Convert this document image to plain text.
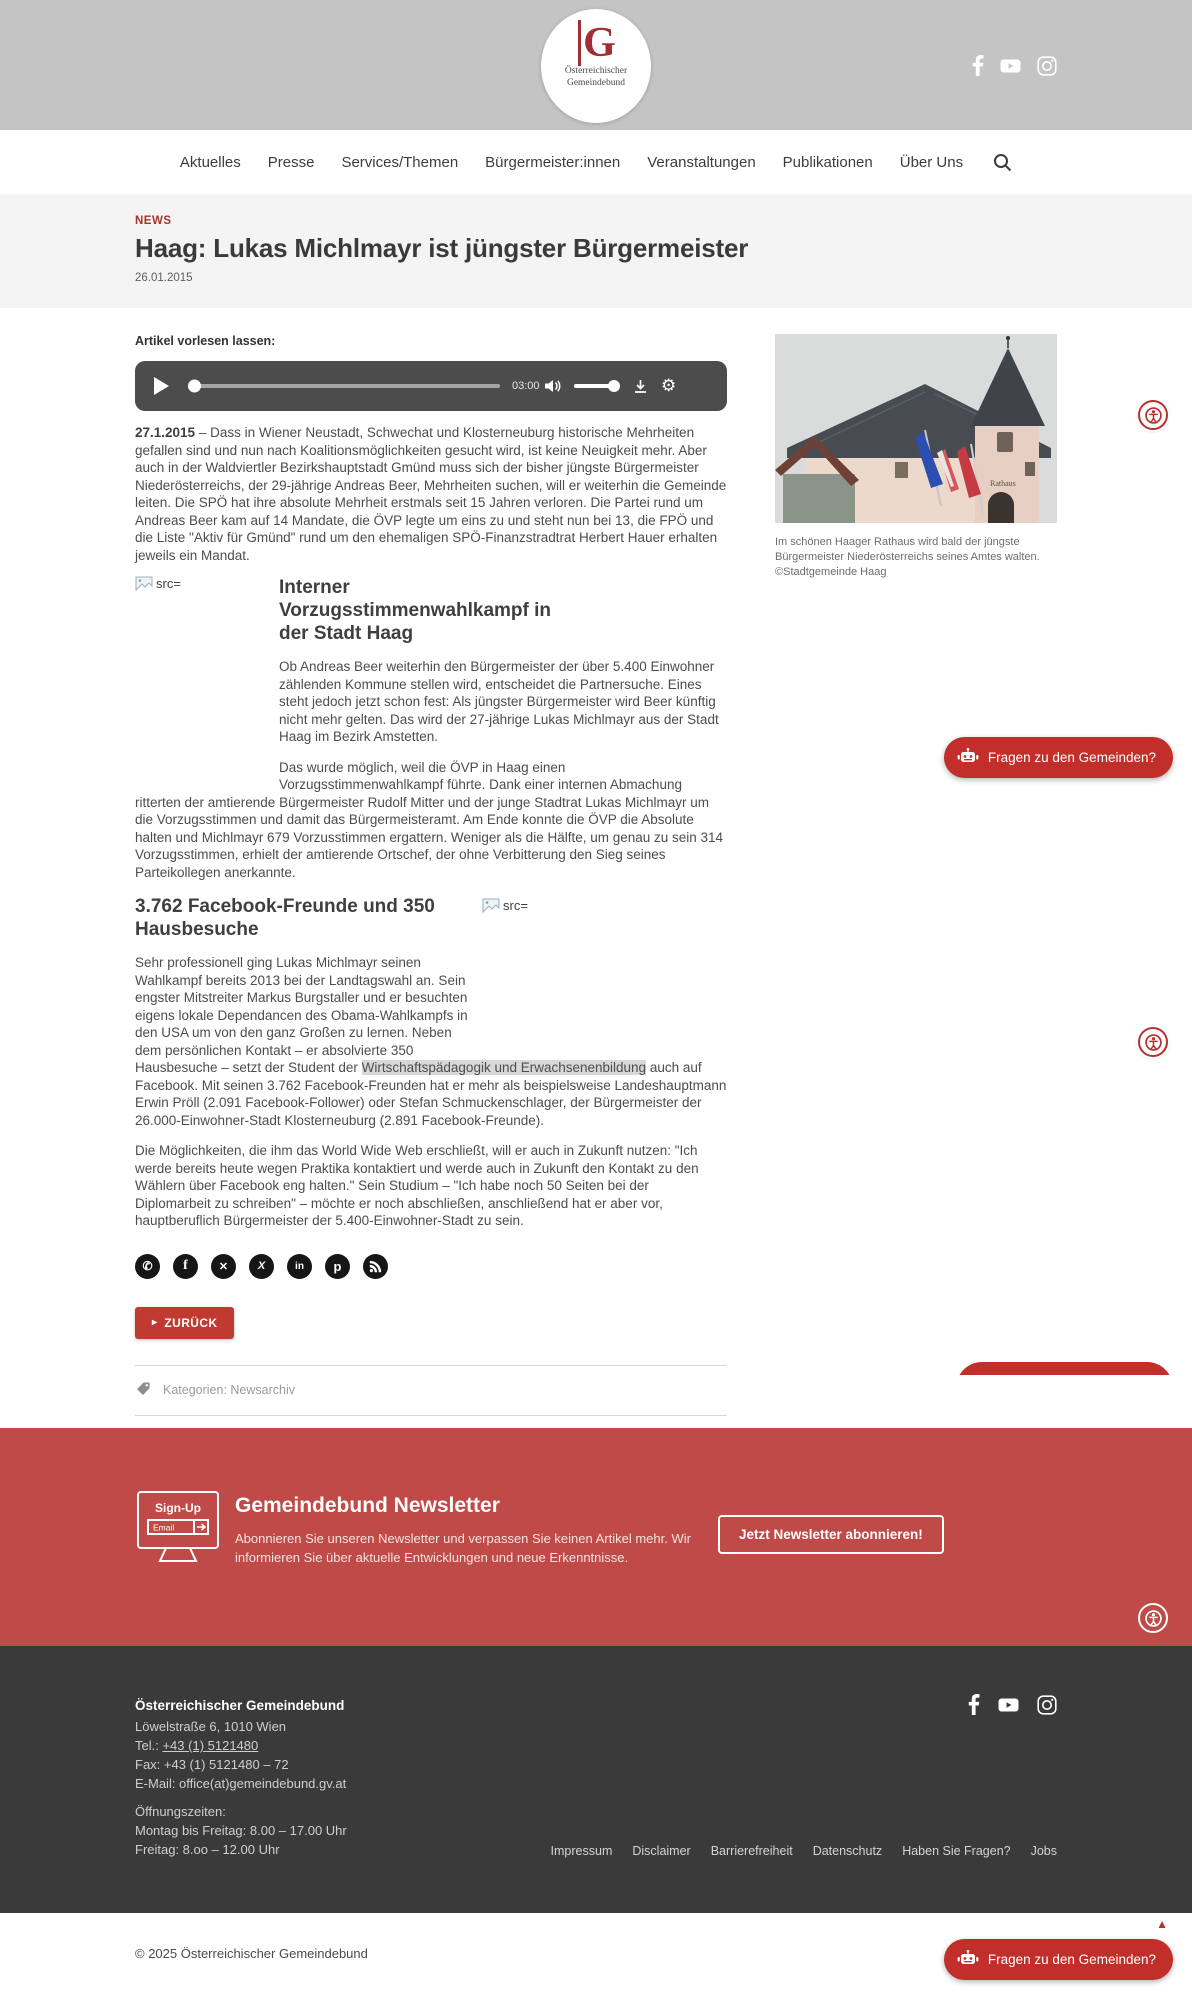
G
Österreichischer
Gemeindebund
Aktuelles Presse Services/Themen Bürgermeister:innen Veranstaltungen Publikationen Über Uns
NEWS
Haag: Lukas Michlmayr ist jüngster Bürgermeister
26.01.2015
Artikel vorlesen lassen:
03:00	⚙

27.1.2015 – Dass in Wiener Neustadt, Schwechat und Klosterneuburg historische Mehrheiten gefallen sind und nun nach Koalitionsmöglichkeiten gesucht wird, ist keine Neuigkeit mehr. Aber auch in der Waldviertler Bezirkshauptstadt Gmünd muss sich der bisher jüngste Bürgermeister Niederösterreichs, der 29-jährige Andreas Beer, Mehrheiten suchen, will er weiterhin die Gemeinde leiten. Die SPÖ hat ihre absolute Mehrheit erstmals seit 15 Jahren verloren. Die Partei rund um Andreas Beer kam auf 14 Mandate, die ÖVP legte um eins zu und steht nun bei 13, die FPÖ und die Liste "Aktiv für Gmünd" rund um den ehemaligen SPÖ-Finanzstradtrat Herbert Hauer erhalten jeweils ein Mandat.

src=	Interner Vorzugsstimmenwahlkampf in der Stadt Haag

Ob Andreas Beer weiterhin den Bürgermeister der über 5.400 Einwohner zählenden Kommune stellen wird, entscheidet die Partnersuche. Eines steht jedoch jetzt schon fest: Als jüngster Bürgermeister wird Beer künftig nicht mehr gelten. Das wird der 27-jährige Lukas Michlmayr aus der Stadt Haag im Bezirk Amstetten.

Das wurde möglich, weil die ÖVP in Haag einen Vorzugsstimmenwahlkampf führte. Dank einer internen Abmachung ritterten der amtierende Bürgermeister Rudolf Mitter und der junge Stadtrat Lukas Michlmayr um die Vorzugsstimmen und damit das Bürgermeisteramt. Am Ende konnte die ÖVP die Absolute halten und Michlmayr 679 Vorzusstimmen ergattern. Weniger als die Hälfte, um genau zu sein 314 Vorzugsstimmen, erhielt der amtierende Ortschef, der ohne Verbitterung den Sieg seines Parteikollegen anerkannte.

src=
3.762 Facebook-Freunde und 350 Hausbesuche

Sehr professionell ging Lukas Michlmayr seinen Wahlkampf bereits 2013 bei der Landtagswahl an. Sein engster Mitstreiter Markus Burgstaller und er besuchten eigens lokale Dependancen des Obama-Wahlkampfs in den USA um von den ganz Großen zu lernen. Neben dem persönlichen Kontakt – er absolvierte 350 Hausbesuche – setzt der Student der Wirtschaftspädagogik und Erwachsenenbildung auch auf Facebook. Mit seinen 3.762 Facebook-Freunden hat er mehr als beispielsweise Landeshauptmann Erwin Pröll (2.091 Facebook-Follower) oder Stefan Schmuckenschlager, der Bürgermeister der 26.000-Einwohner-Stadt Klosterneuburg (2.891 Facebook-Freunde).

Die Möglichkeiten, die ihm das World Wide Web erschließt, will er auch in Zukunft nutzen: "Ich werde bereits heute wegen Praktika kontaktiert und werde auch in Zukunft den Kontakt zu den Wählern über Facebook eng halten." Sein Studium – "Ich habe noch 50 Seiten bei der Diplomarbeit zu schreiben" – möchte er noch abschließen, anschließend hat er aber vor, hauptberuflich Bürgermeister der 5.400-Einwohner-Stadt zu sein.

✆	f	✕	X	in	p
▸ ZURÜCK
Kategorien: Newsarchiv
Rathaus
Im schönen Haager Rathaus wird bald der jüngste Bürgermeister Niederösterreichs seines Amtes walten. ©Stadtgemeinde Haag
Fragen zu den Gemeinden?
Sign-Up
Email
Gemeindebund Newsletter
Abonnieren Sie unseren Newsletter und verpassen Sie keinen Artikel mehr. Wir informieren Sie über aktuelle Entwicklungen und neue Erkenntnisse.
Jetzt Newsletter abonnieren!
Österreichischer Gemeindebund
Löwelstraße 6, 1010 Wien
Tel.: +43 (1) 5121480
Fax: +43 (1) 5121480 – 72
E-Mail: office(at)gemeindebund.gv.at
Öffnungszeiten:
Montag bis Freitag: 8.00 – 17.00 Uhr
Freitag: 8.oo – 12.00 Uhr	Impressum Disclaimer Barrierefreiheit Datenschutz Haben Sie Fragen? Jobs
© 2025 Österreichischer Gemeindebund
▲
Fragen zu den Gemeinden?
